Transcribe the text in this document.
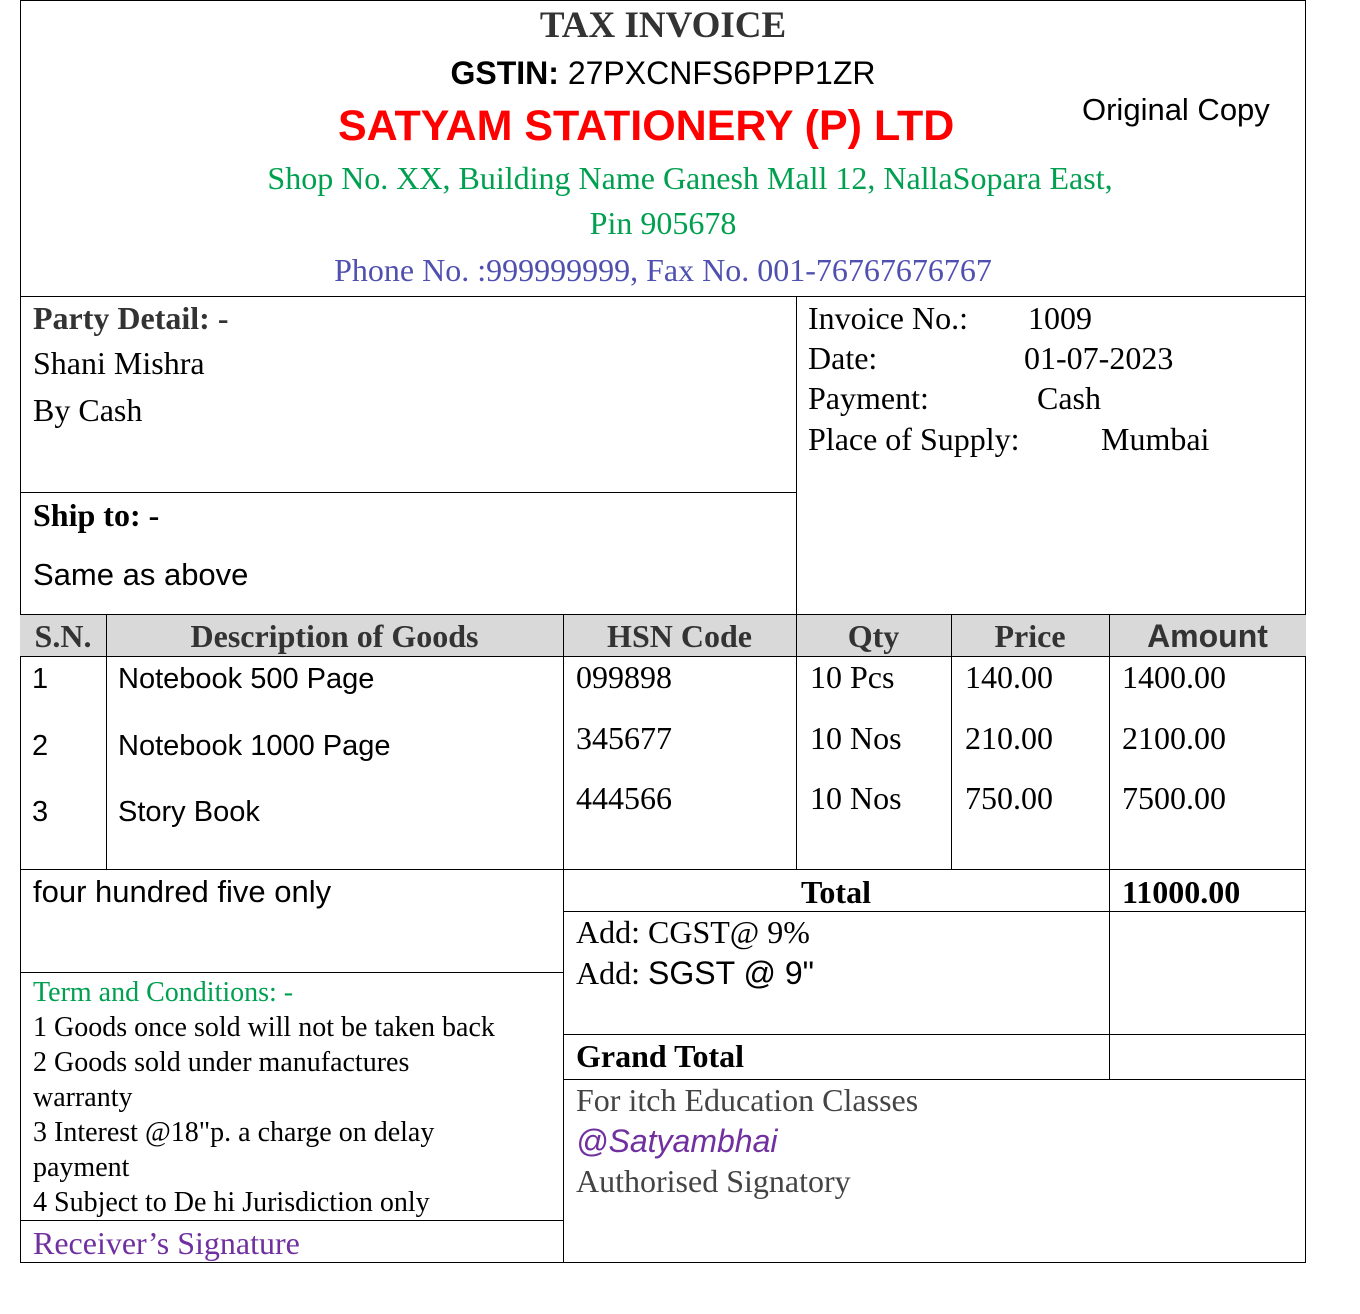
TAX INVOICE
GSTIN: 27PXCNFS6PPP1ZR
SATYAM STATIONERY (P) LTD	Original Copy
Shop No. XX, Building Name Ganesh Mall 12, NallaSopara East,
Pin 905678
Phone No. :999999999, Fax No. 001-76767676767
Party Detail: -
Shani Mishra
By Cash
Ship to: -
Same as above
Invoice No.: 1009
Date:	01-07-2023
Payment:	Cash
Place of Supply:	Mumbai
S.N.	Description of Goods	HSN Code	Qty	Price	Amount
1 Notebook 500 Page	099898	10 Pcs 140.00 1400.00
2 Notebook 1000 Page	345677	10 Nos 210.00 2100.00
3 Story Book	444566	10 Nos 750.00 7500.00
four hundred five only	Total	11000.00
Add: CGST@ 9%
Add: SGST @ 9"
Grand Total
Term and Conditions: -
1 Goods once sold will not be taken back
2 Goods sold under manufactures
warranty
3 Interest @18"p. a charge on delay
payment
4 Subject to De hi Jurisdiction only
Receiver’s Signature
For itch Education Classes
@Satyambhai
Authorised Signatory
